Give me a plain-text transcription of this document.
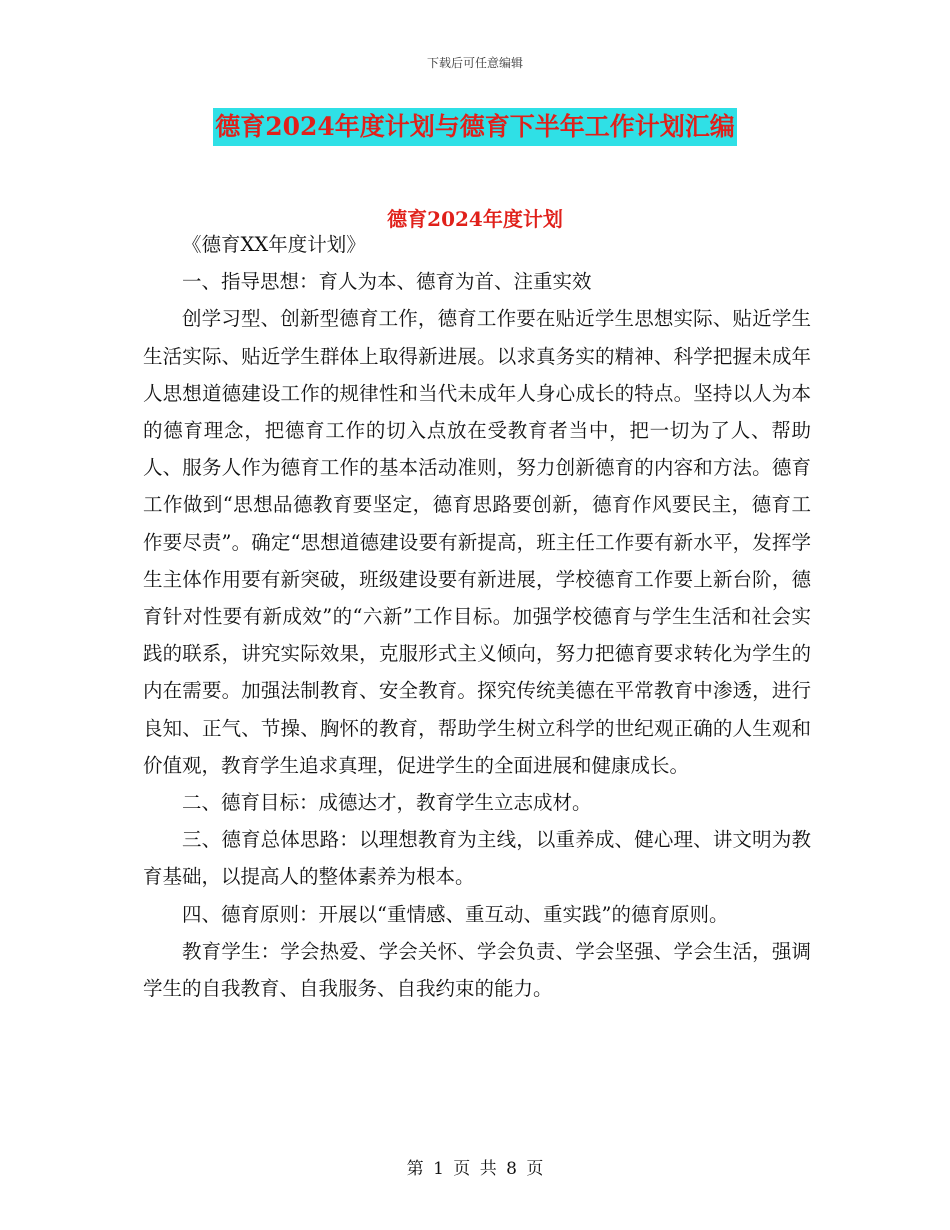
下载后可任意编辑
德育2024年度计划与德育下半年工作计划汇编
德育2024年度计划

《德育XX年度计划》

一、指导思想：育人为本、德育为首、注重实效

创学习型、创新型德育工作，德育工作要在贴近学生思想实际、贴近学生生活实际、贴近学生群体上取得新进展。以求真务实的精神、科学把握未成年人思想道德建设工作的规律性和当代未成年人身心成长的特点。坚持以人为本的德育理念，把德育工作的切入点放在受教育者当中，把一切为了人、帮助人、服务人作为德育工作的基本活动准则，努力创新德育的内容和方法。德育工作做到“思想品德教育要坚定，德育思路要创新，德育作风要民主，德育工作要尽责”。确定“思想道德建设要有新提高，班主任工作要有新水平，发挥学生主体作用要有新突破，班级建设要有新进展，学校德育工作要上新台阶，德育针对性要有新成效”的“六新”工作目标。加强学校德育与学生生活和社会实践的联系，讲究实际效果，克服形式主义倾向，努力把德育要求转化为学生的内在需要。加强法制教育、安全教育。探究传统美德在平常教育中渗透，进行良知、正气、节操、胸怀的教育，帮助学生树立科学的世纪观正确的人生观和价值观，教育学生追求真理，促进学生的全面进展和健康成长。

二、德育目标：成德达才，教育学生立志成材。

三、德育总体思路：以理想教育为主线，以重养成、健心理、讲文明为教育基础，以提高人的整体素养为根本。

四、德育原则：开展以“重情感、重互动、重实践”的德育原则。

教育学生：学会热爱、学会关怀、学会负责、学会坚强、学会生活，强调学生的自我教育、自我服务、自我约束的能力。

第 1 页 共 8 页
